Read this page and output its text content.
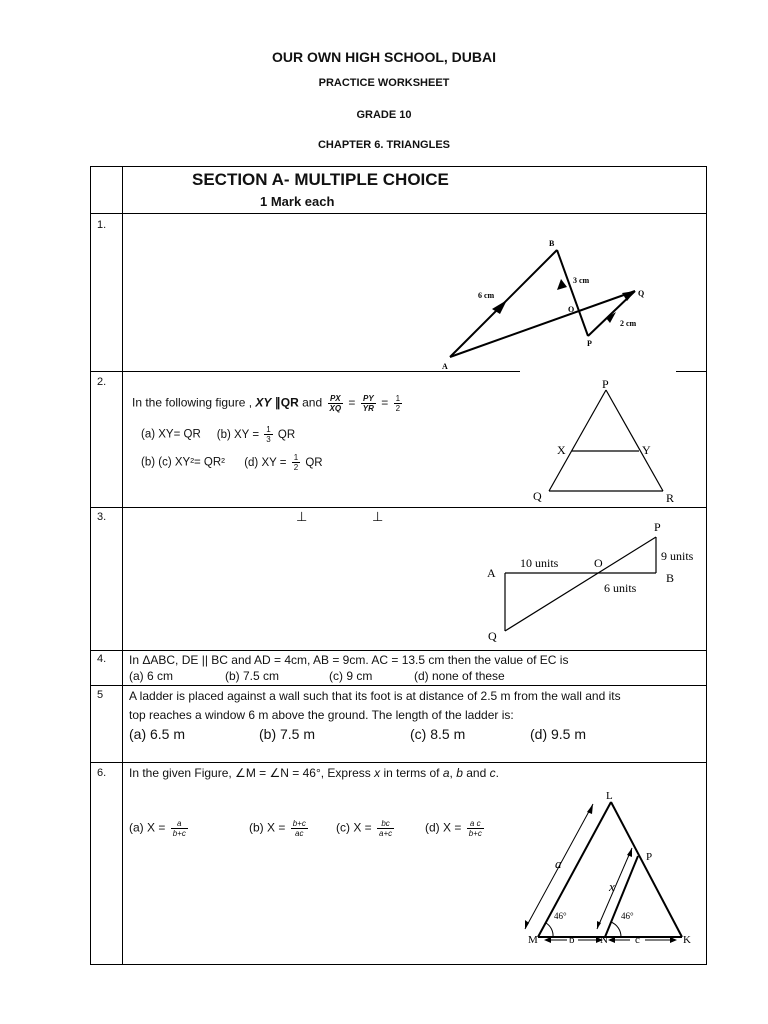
OUR OWN HIGH SCHOOL, DUBAI
PRACTICE WORKSHEET
GRADE 10
CHAPTER 6. TRIANGLES
SECTION A- MULTIPLE CHOICE
1 Mark each
1.
B
A
O
P
Q
3 cm
6 cm
2 cm
2.
In the following figure , XY ∥QR and $\frac{PX}{XQ} = \frac{PY}{YR} = \frac{1}{2}$
(a) XY= QR (b) XY = $\frac{1}{3}$ QR
(b) (c) XY²= QR² (d) XY = $\frac{1}{2}$ QR
P
X	Y
Q	R
3.	⊥	⊥
P
A
O
B
Q
10 units	9 units
6 units
4. In ΔABC, DE || BC and AD = 4cm, AB = 9cm. AC = 13.5 cm then the value of EC is
(a) 6 cm	(b) 7.5 cm	(c) 9 cm	(d) none of these
5 A ladder is placed against a wall such that its foot is at distance of 2.5 m from the wall and its
top reaches a window 6 m above the ground. The length of the ladder is:
(a) 6.5 m	(b) 7.5 m	(c) 8.5 m	(d) 9.5 m
6. In the given Figure, ∠M = ∠N = 46°, Express x in terms of a, b and c.
(a) $X = \frac{a}{b+c}$	(b) $X = \frac{b+c}{ac} (c) X = \frac{bc}{a+c}$	(d) $X = \frac{\text{a c}}{b+c}$
L
P
M	N	K
a
x
b	c
46°	46°
